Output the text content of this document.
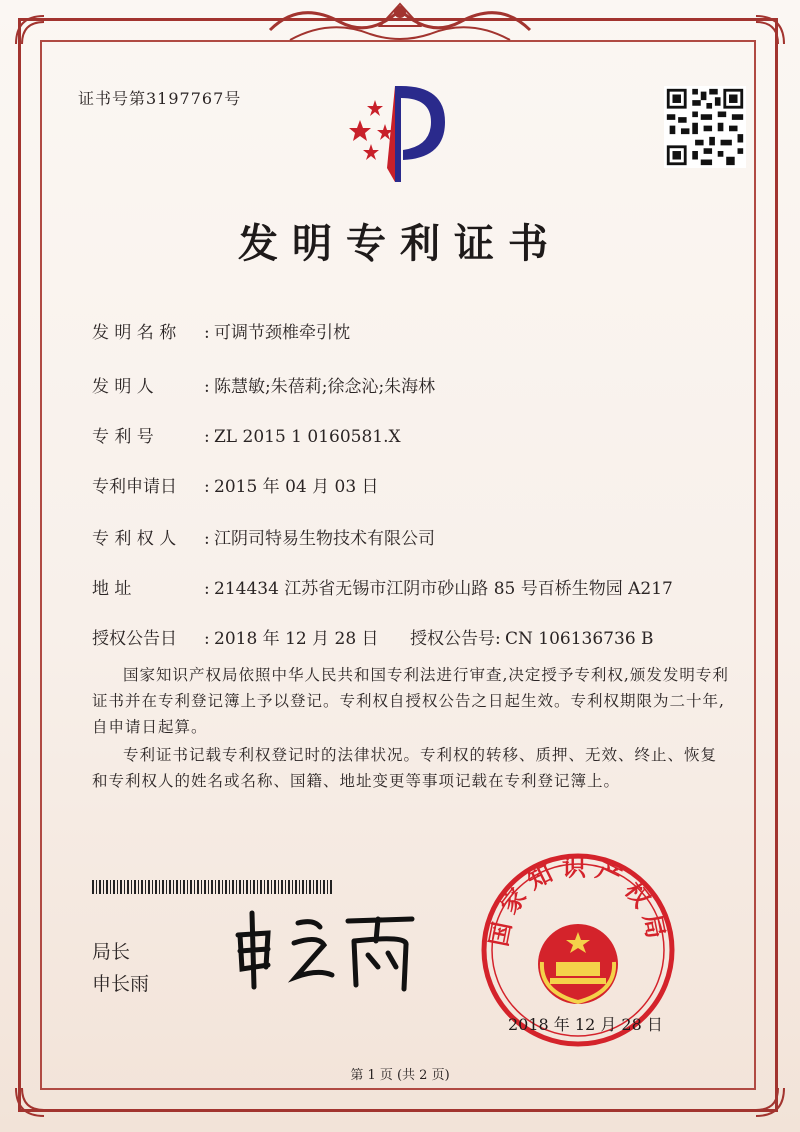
证书号第3197767号
发明专利证书
发 明 名 称 : 可调节颈椎牵引枕
发 明 人	: 陈慧敏;朱蓓莉;徐念沁;朱海林
专 利 号	: ZL 2015 1 0160581.X
专利申请日 : 2015 年 04 月 03 日
专 利 权 人 : 江阴司特易生物技术有限公司
地 址	: 214434 江苏省无锡市江阴市砂山路 85 号百桥生物园 A217
授权公告日 : 2018 年 12 月 28 日 授权公告号: CN 106136736 B
国家知识产权局依照中华人民共和国专利法进行审查,决定授予专利权,颁发发明专利证书并在专利登记簿上予以登记。专利权自授权公告之日起生效。专利权期限为二十年,自申请日起算。
专利证书记载专利权登记时的法律状况。专利权的转移、质押、无效、终止、恢复和专利权人的姓名或名称、国籍、地址变更等事项记载在专利登记簿上。
局长
申长雨
国家知识产权局
2018 年 12 月 28 日
第 1 页 (共 2 页)
